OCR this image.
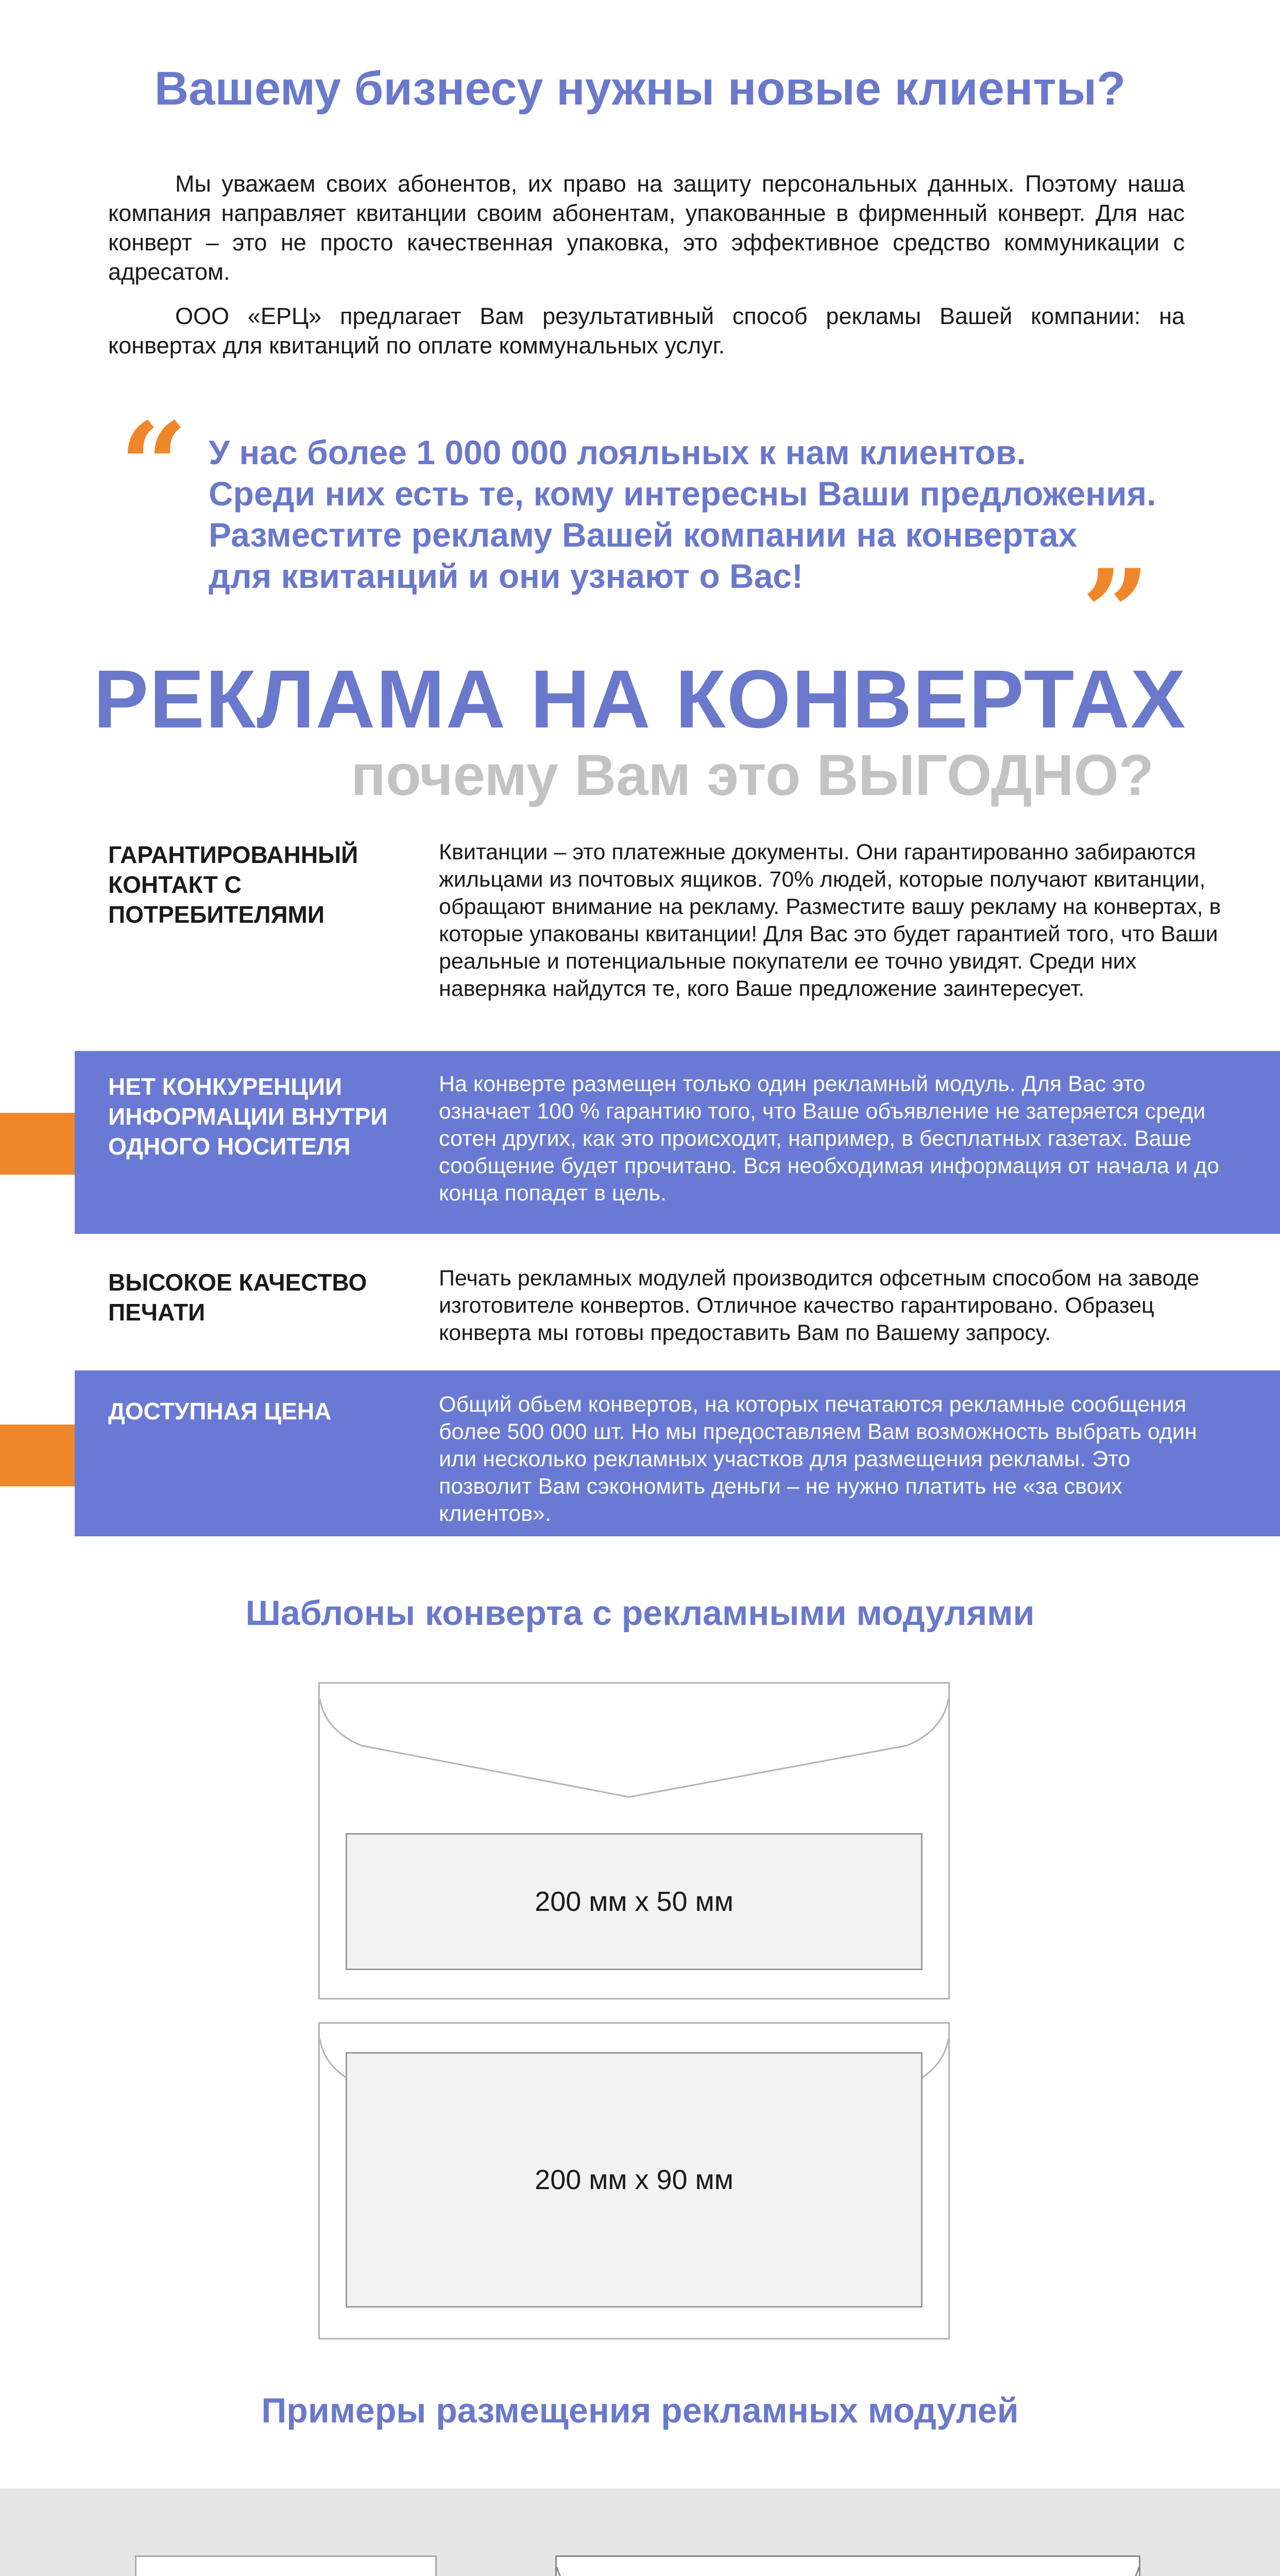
Вашему бизнесу нужны новые клиенты?
Мы уважаем своих абонентов, их право на защиту персональных данных. Поэтому наша компания направляет квитанции своим абонентам, упакованные в фирменный конверт. Для нас конверт – это не просто качественная упаковка, это эффективное средство коммуникации с адресатом.
ООО «ЕРЦ» предлагает Вам результативный способ рекламы Вашей компании: на конвертах для квитанций по оплате коммунальных услуг.
“ У нас более 1 000 000 лояльных к нам клиентов.
Среди них есть те, кому интересны Ваши предложения.
Разместите рекламу Вашей компании на конвертах
для квитанций и они узнают о Вас!	”
РЕКЛАМА НА КОНВЕРТАХ
почему Вам это ВЫГОДНО?
ГАРАНТИРОВАННЫЙ КОНТАКТ С ПОТРЕБИТЕЛЯМИ
Квитанции – это платежные документы. Они гарантированно забираются жильцами из почтовых ящиков. 70% людей, которые получают квитанции, обращают внимание на рекламу. Разместите вашу рекламу на конвертах, в которые упакованы квитанции! Для Вас это будет гарантией того, что Ваши реальные и потенциальные покупатели ее точно увидят. Среди них наверняка найдутся те, кого Ваше предложение заинтересует.
НЕТ КОНКУРЕНЦИИ ИНФОРМАЦИИ ВНУТРИ ОДНОГО НОСИТЕЛЯ
На конверте размещен только один рекламный модуль. Для Вас это означает 100 % гарантию того, что Ваше объявление не затеряется среди сотен других, как это происходит, например, в бесплатных газетах. Ваше сообщение будет прочитано. Вся необходимая информация от начала и до конца попадет в цель.
ВЫСОКОЕ КАЧЕСТВО ПЕЧАТИ
Печать рекламных модулей производится офсетным способом на заводе изготовителе конвертов. Отличное качество гарантировано. Образец конверта мы готовы предоставить Вам по Вашему запросу.
ДОСТУПНАЯ ЦЕНА	Общий обьем конвертов, на которых печатаются рекламные сообщения более 500 000 шт. Но мы предоставляем Вам возможность выбрать один или несколько рекламных участков для размещения рекламы. Это позволит Вам сэкономить деньги – не нужно платить не «за своих клиентов».
Шаблоны конверта с рекламными модулями
200 мм х 50 мм
200 мм х 90 мм
Примеры размещения рекламных модулей
